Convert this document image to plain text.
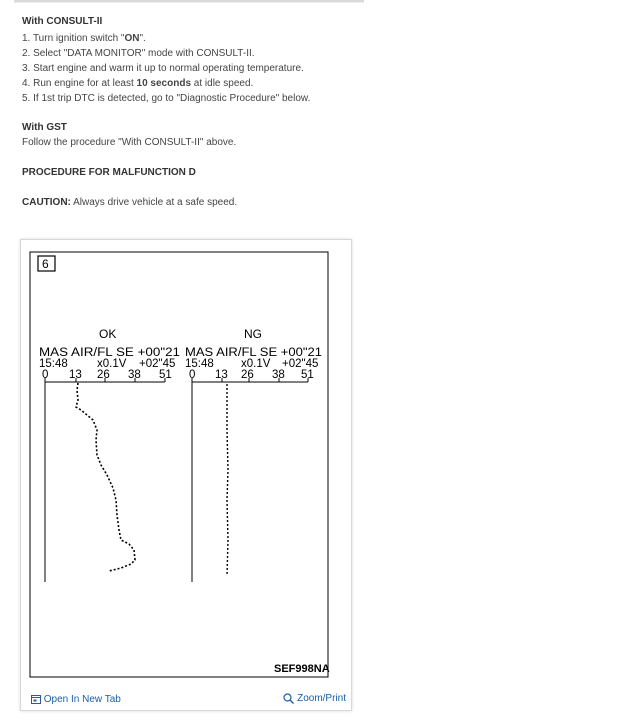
With CONSULT-II
1. Turn ignition switch "ON".
2. Select "DATA MONITOR" mode with CONSULT-II.
3. Start engine and warm it up to normal operating temperature.
4. Run engine for at least 10 seconds at idle speed.
5. If 1st trip DTC is detected, go to "Diagnostic Procedure" below.
With GST
Follow the procedure "With CONSULT-II" above.
PROCEDURE FOR MALFUNCTION D
CAUTION: Always drive vehicle at a safe speed.
6
OK	NG
MAS AIR/FL SE +00"21
15:48	x0.1V +02"45
0 13 26 38 51
MAS AIR/FL SE +00"21
15:48 x0.1V +02"45
0 13 26 38 51
SEF998NA
Open In New Tab	Zoom/Print
